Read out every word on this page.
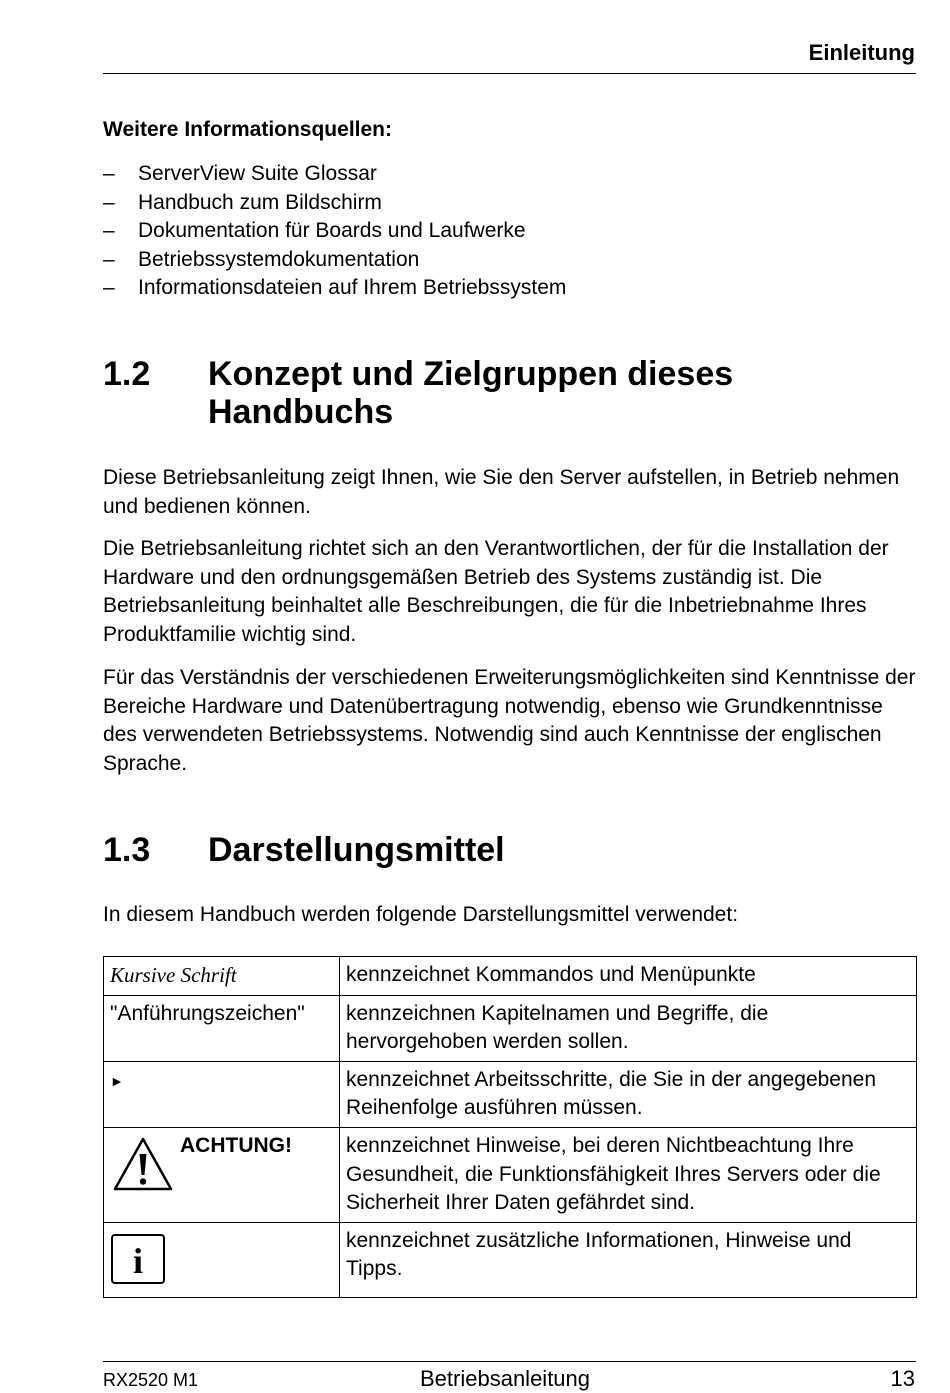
Einleitung
Weitere Informationsquellen:
– ServerView Suite Glossar
– Handbuch zum Bildschirm
– Dokumentation für Boards und Laufwerke
– Betriebssystemdokumentation
– Informationsdateien auf Ihrem Betriebssystem
1.2 Konzept und Zielgruppen dieses
Handbuchs

Diese Betriebsanleitung zeigt Ihnen, wie Sie den Server aufstellen, in Betrieb nehmen und bedienen können.

Die Betriebsanleitung richtet sich an den Verantwortlichen, der für die Installation der Hardware und den ordnungsgemäßen Betrieb des Systems zuständig ist. Die Betriebsanleitung beinhaltet alle Beschreibungen, die für die Inbetriebnahme Ihres Produktfamilie wichtig sind.

Für das Verständnis der verschiedenen Erweiterungsmöglichkeiten sind Kenntnisse der Bereiche Hardware und Datenübertragung notwendig, ebenso wie Grundkenntnisse des verwendeten Betriebssystems. Notwendig sind auch Kenntnisse der englischen Sprache.

1.3 Darstellungsmittel

In diesem Handbuch werden folgende Darstellungsmittel verwendet:

Kursive Schrift	kennzeichnet Kommandos und Menüpunkte
"Anführungszeichen"	kennzeichnen Kapitelnamen und Begriffe, die hervorgehoben werden sollen.
►	kennzeichnet Arbeitsschritte, die Sie in der angegebenen Reihenfolge ausführen müssen.

ACHTUNG!	kennzeichnet Hinweise, bei deren Nichtbeachtung Ihre Gesundheit, die Funktionsfähigkeit Ihres Servers oder die Sicherheit Ihrer Daten gefährdet sind.

i	kennzeichnet zusätzliche Informationen, Hinweise und Tipps.
RX2520 M1	Betriebsanleitung	13
